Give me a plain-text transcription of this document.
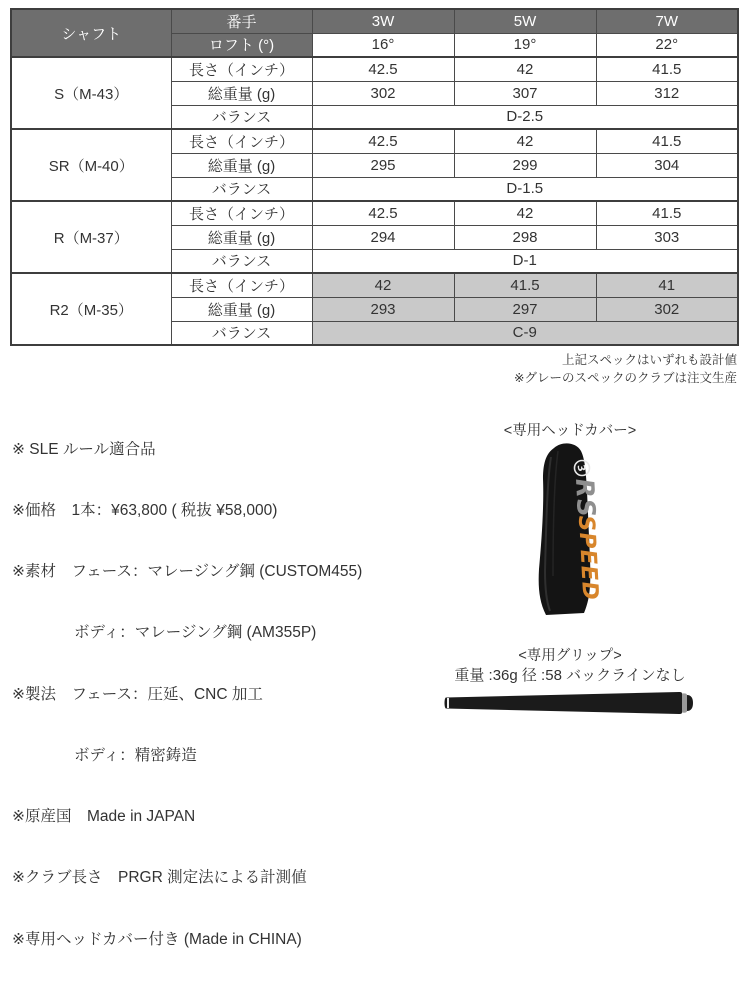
シャフト	番手	3W	5W	7W
	ロフト (°)	16°	19°	22°
S（M-43）	長さ（インチ）	42.5	42	41.5
	総重量 (g)	302	307	312
	バランス	D-2.5		
SR（M-40）	長さ（インチ）	42.5	42	41.5
	総重量 (g)	295	299	304
	バランス	D-1.5		
R（M-37）	長さ（インチ）	42.5	42	41.5
	総重量 (g)	294	298	303
	バランス	D-1		
R2（M-35）	長さ（インチ）	42	41.5	41
	総重量 (g)	293	297	302
	バランス	C-9		
上記スペックはいずれも設計値
※グレーのスペックのクラブは注文生産

※ SLE ルール適合品

※価格　1本：¥63,800 ( 税抜 ¥58,000)

※素材　フェース：マレージング鋼 (CUSTOM455)

　　　　ボディ：マレージング鋼 (AM355P)

※製法　フェース：圧延、CNC 加工

　　　　ボディ：精密鋳造

※原産国　Made in JAPAN

※クラブ長さ　PRGR 測定法による計測値

※専用ヘッドカバー付き (Made in CHINA)

<専用ヘッドカバー>
3
RS SPEED
<専用グリップ>
重量 :36g 径 :58 バックラインなし
